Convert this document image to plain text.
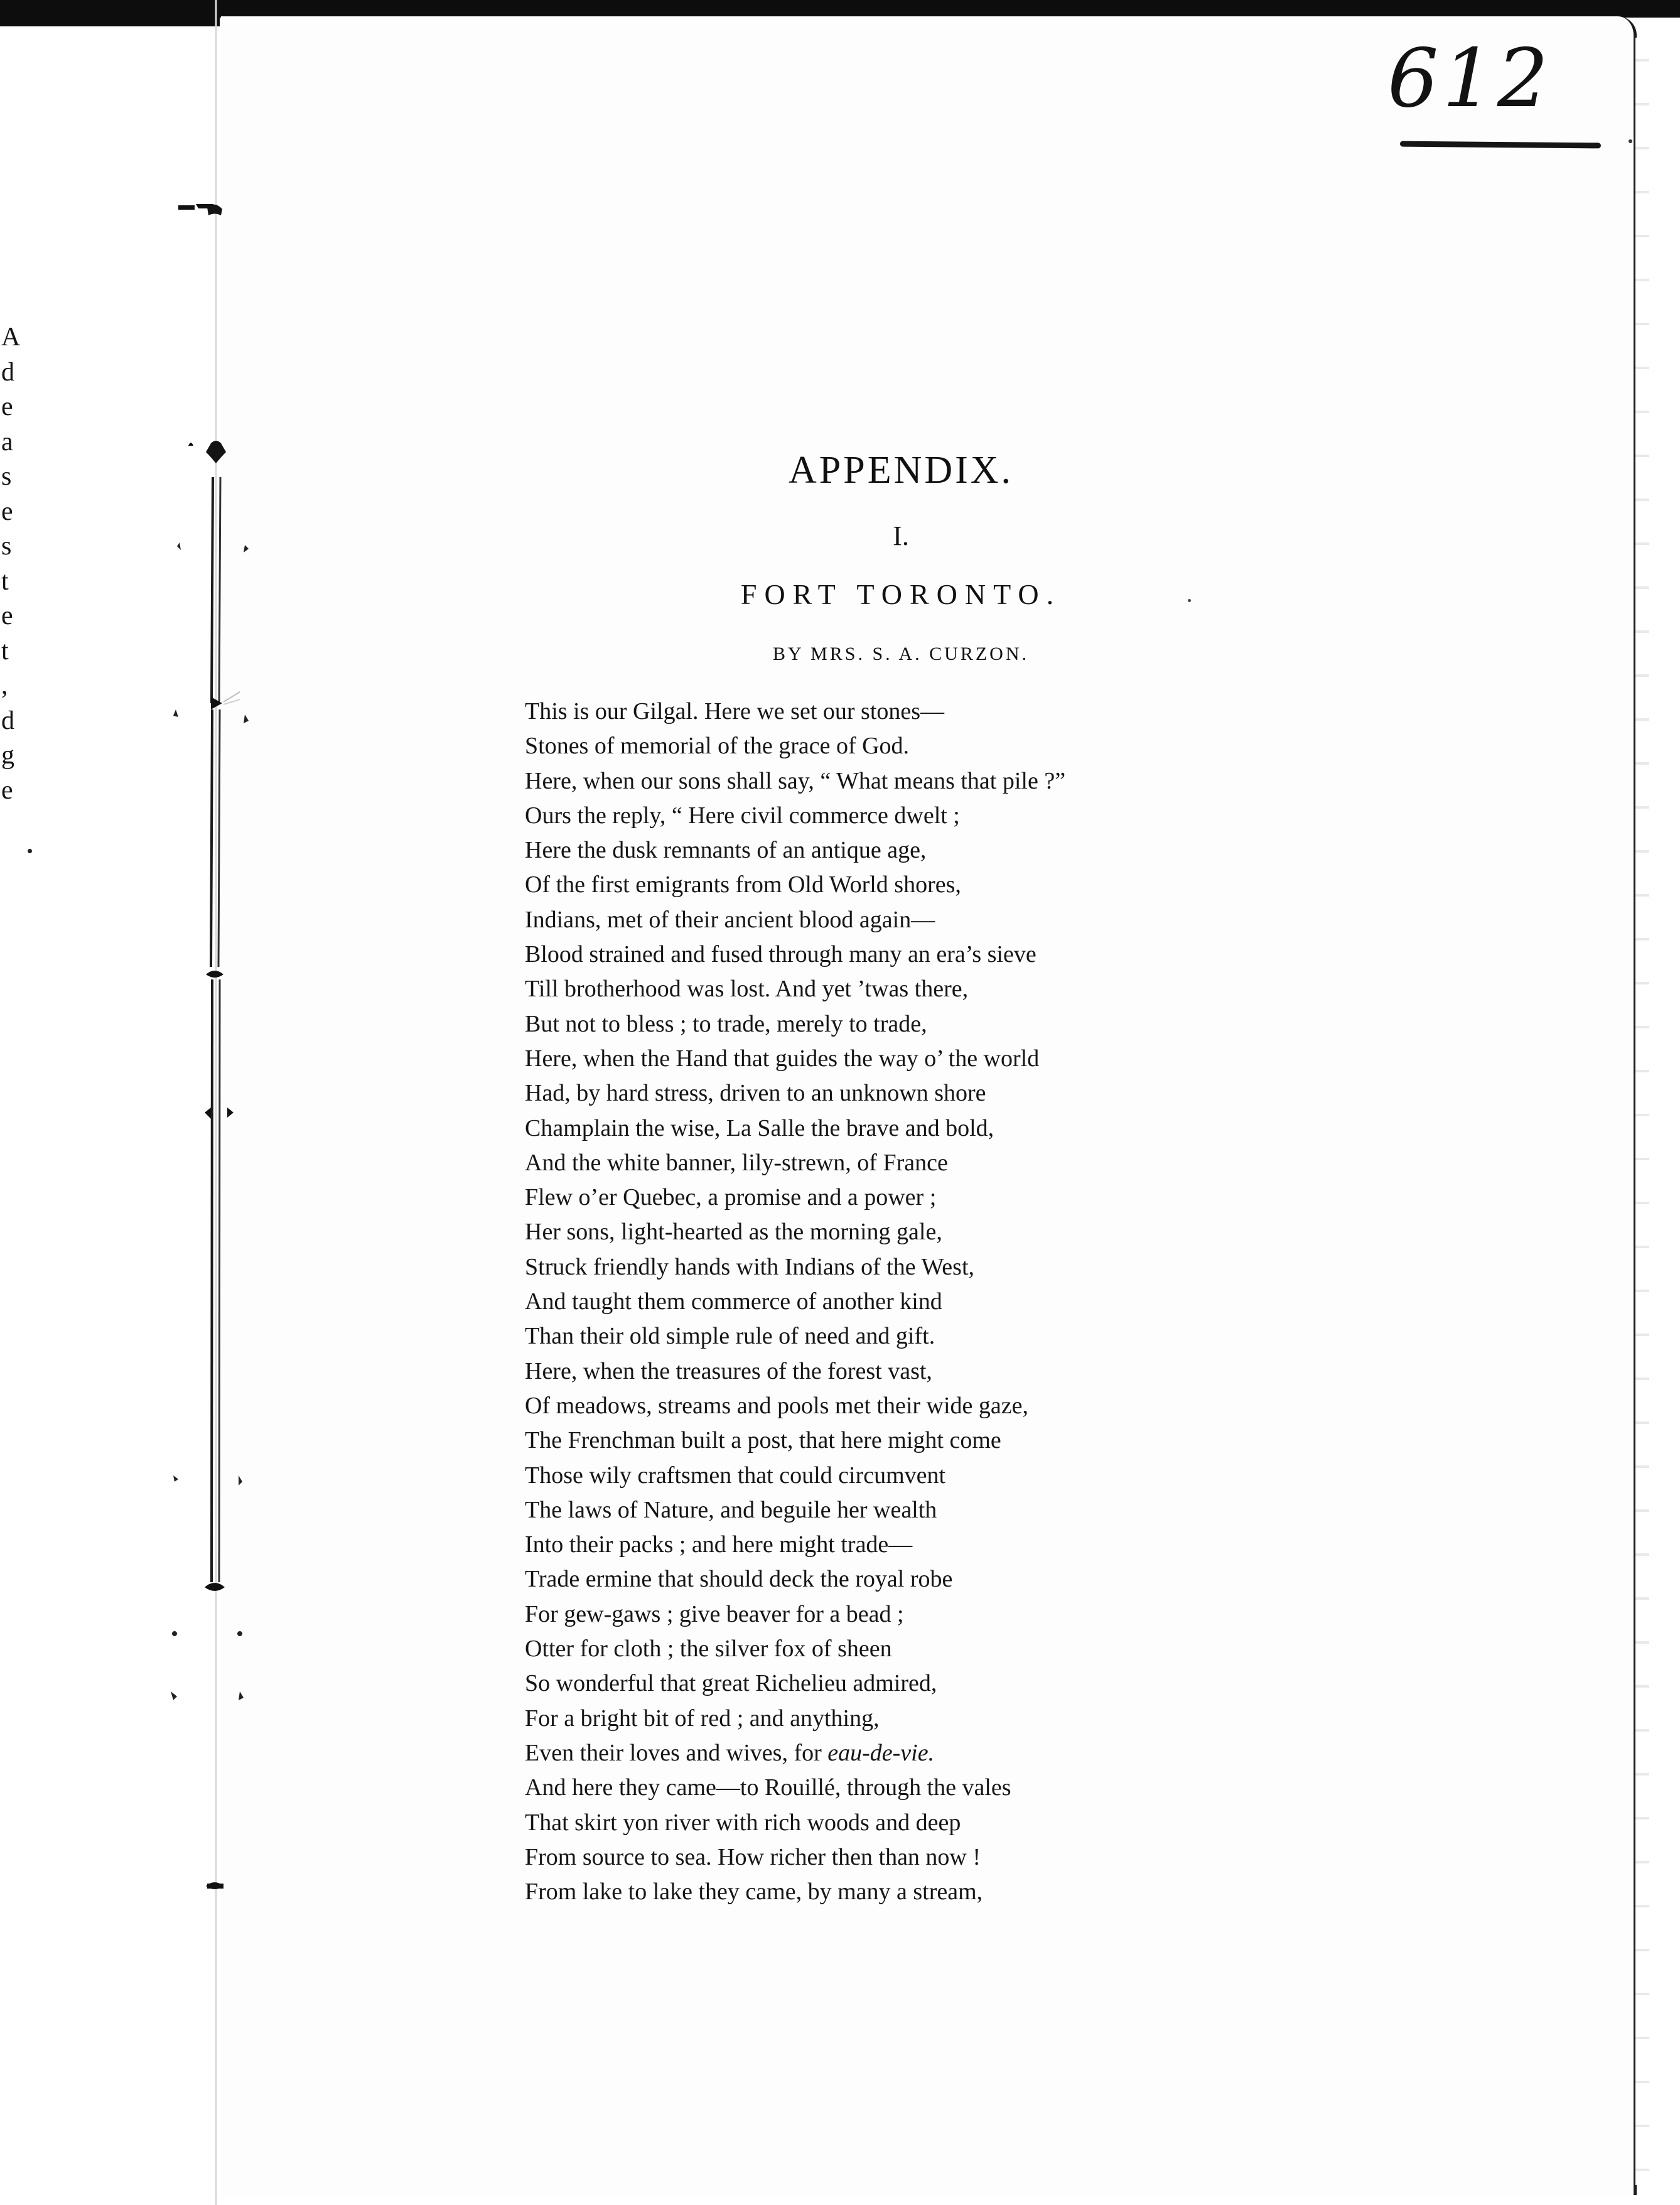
A
d
e
a
s
e
s
t
e
t
,
d
g
e
612
APPENDIX.
I.
FORT TORONTO.
BY MRS. S. A. CURZON.
This is our Gilgal. Here we set our stones—
Stones of memorial of the grace of God.
Here, when our sons shall say, “ What means that pile ?”
Ours the reply, “ Here civil commerce dwelt ;
Here the dusk remnants of an antique age,
Of the first emigrants from Old World shores,
Indians, met of their ancient blood again—
Blood strained and fused through many an era’s sieve
Till brotherhood was lost. And yet ’twas there,
But not to bless ; to trade, merely to trade,
Here, when the Hand that guides the way o’ the world
Had, by hard stress, driven to an unknown shore
Champlain the wise, La Salle the brave and bold,
And the white banner, lily-strewn, of France
Flew o’er Quebec, a promise and a power ;
Her sons, light-hearted as the morning gale,
Struck friendly hands with Indians of the West,
And taught them commerce of another kind
Than their old simple rule of need and gift.
Here, when the treasures of the forest vast,
Of meadows, streams and pools met their wide gaze,
The Frenchman built a post, that here might come
Those wily craftsmen that could circumvent
The laws of Nature, and beguile her wealth
Into their packs ; and here might trade—
Trade ermine that should deck the royal robe
For gew-gaws ; give beaver for a bead ;
Otter for cloth ; the silver fox of sheen
So wonderful that great Richelieu admired,
For a bright bit of red ; and anything,
Even their loves and wives, for eau-de-vie.
And here they came—to Rouillé, through the vales
That skirt yon river with rich woods and deep
From source to sea. How richer then than now !
From lake to lake they came, by many a stream,
